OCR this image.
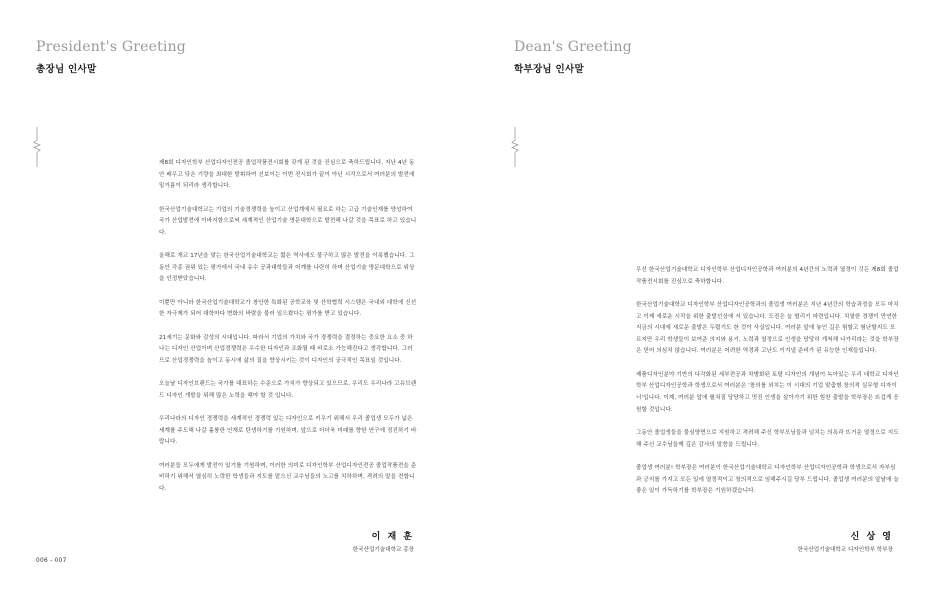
President's Greeting
총장님 인사말

제8회 디자인학부 산업디자인전공 졸업작품전시회를 갖게 된 것을 진심으로 축하드립니다. 지난 4년 동안 배우고 닦은 기량을 최대한 발휘하여 선보이는 이번 전시회가 끝이 아닌 시작으로서 여러분의 발전에 밑거름이 되리라 생각합니다.

한국산업기술대학교는 기업의 기술경쟁력을 높이고 산업계에서 필요로 하는 고급 기술인재를 양성하여 국가 산업발전에 이바지함으로써 세계적인 산업기술 명문대학으로 발전해 나갈 것을 목표로 하고 있습니다.

올해로 개교 17년을 맞는 한국산업기술대학교는 짧은 역사에도 불구하고 많은 발전을 이룩했습니다. 그동안 각종 권위 있는 평가에서 국내 유수 공과대학들과 어깨를 나란히 하며 산업기술 명문대학으로 위상을 인정받았습니다.

이뿐만 아니라 한국산업기술대학교가 창안한 특화된 공학교육 및 산학협력 시스템은 국내외 대학에 신선한 자극제가 되어 대학마다 변화의 바람을 불러 일으켰다는 평가를 받고 있습니다.

21세기는 문화와 감성의 시대입니다. 따라서 기업의 가치와 국가 경쟁력을 결정하는 중요한 요소 중 하나는 디자인 산업이며 산업경쟁력은 우수한 디자인과 조화될 때 비로소 가능해진다고 생각합니다. 그러므로 산업경쟁력을 높이고 동시에 삶의 질을 향상시키는 것이 디자인의 궁극적인 목표일 것입니다.

오늘날 디자인브랜드는 국가를 대표하는 수준으로 가치가 향상되고 있으므로, 우리도 우리나라 고유브랜드 디자인 개발을 위해 많은 노력을 해야 할 것 입니다.

우리나라의 디자인 경쟁력을 세계적인 경쟁력 있는 디자인으로 키우기 위해서 우리 졸업생 모두가 넓은 세계를 주도해 나갈 훌륭한 인재로 탄생하기를 기원하며, 앞으로 더더욱 미래를 향한 연구에 정진하기 바랍니다.

여러분들 모두에게 발전이 있기를 기원하며, 이러한 의미로 디자인학부 산업디자인전공 졸업작품전을 준비하기 위해서 열심히 노력한 학생들과 지도를 맡으신 교수님들의 노고를 치하하며, 격려의 말을 전합니다.

이 재 훈
한국산업기술대학교 총장
006 - 007
Dean's Greeting
학부장님 인사말

우선 한국산업기술대학교 디자인학부 산업디자인공학과 여러분의 4년간의 노력과 열정이 깃든 제8회 졸업작품전시회를 진심으로 축하합니다.

한국산업기술대학교 디자인학부 산업디자인공학과의 졸업생 여러분은 지난 4년간의 학습과정을 모두 마치고 이제 새로운 시작을 위한 출발선상에 서 있습니다. 도전은 늘 떨리기 마련입니다. 치열한 경쟁이 만연한 지금의 시대에 새로운 출발은 두렵기도 한 것이 사실입니다. 여러분 앞에 놓인 길은 험할고 험난할지도 모르지만 우리 학생들이 보여준 의지와 용기, 노력과 열정으로 인생을 당당히 개척해 나가리라는 것을 학부장은 믿어 의심치 않습니다. 여러분은 어려한 역경과 고난도 이겨낼 준비가 된 유능한 인재들입니다.

제품디자인분야 기반의 다각화된 세부전공과 차별화된 토탈 디자인의 개념이 녹아있는 우리 대학교 디자인학부 산업디자인공학과 학생으로서 여러분은 '창의를 외치는 이 시대의 기업 맞춤형 창의적 실무형 디자이너'입니다. 이제, 여러분 앞에 펼쳐질 당당하고 멋진 인생을 살아가기 위한 힘찬 출발을 학부장은 뜨겁게 응원할 것입니다.

그동안 졸업생들을 물심양면으로 지원하고 격려해 주신 학부모님들과 넘치는 의욕과 뜨거운 열정으로 지도해 주신 교수님들께 깊은 감사의 말씀을 드립니다.

졸업생 여러분! 학부장은 여러분이 한국산업기술대학교 디자인학부 산업디자인공학과 학생으로서 자부심과 긍지를 가지고 모든 일에 열정적이고 창의적으로 임해주시길 당부 드립니다. 졸업생 여러분의 앞날에 늘 좋은 일이 가득하기를 학부장은 기원하겠습니다.

신 상 영
한국산업기술대학교 디자인학부 학부장
